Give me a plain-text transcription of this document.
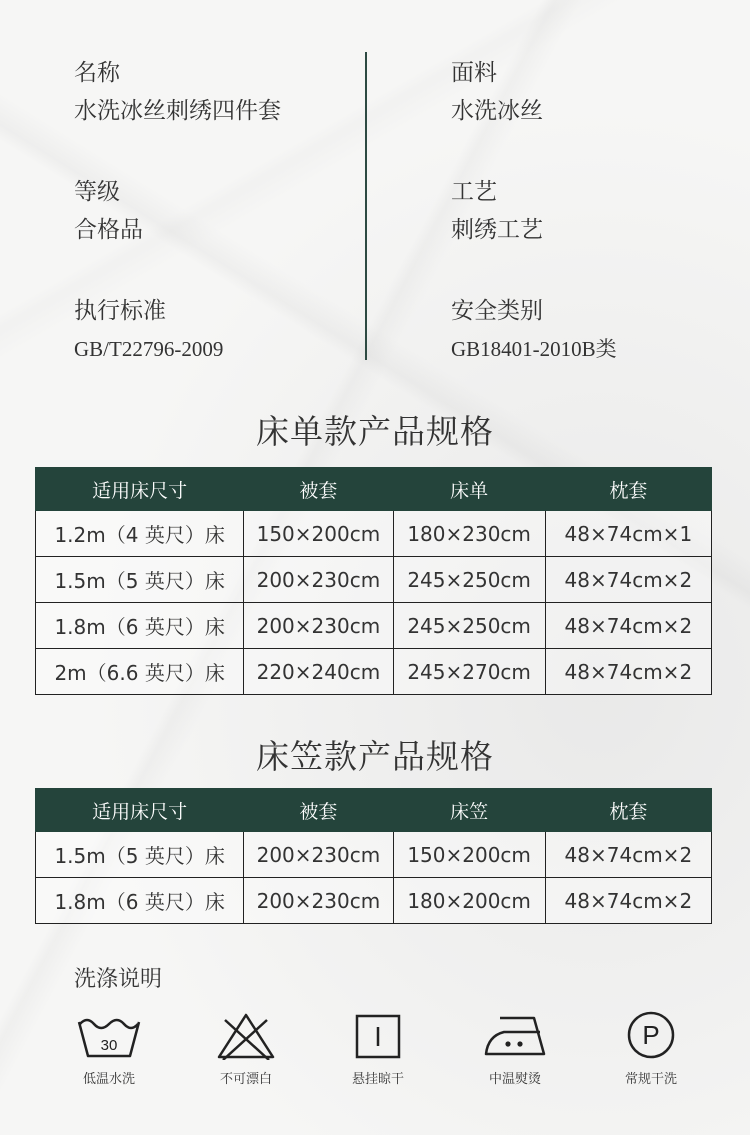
名称
水洗冰丝刺绣四件套
面料
水洗冰丝
等级
合格品
工艺
刺绣工艺
执行标准
GB/T22796-2009
安全类别
GB18401-2010B类
床单款产品规格
适用床尺寸	被套	床单	枕套
1.2m（4 英尺）床	150×200cm	180×230cm	48×74cm×1
1.5m（5 英尺）床	200×230cm	245×250cm	48×74cm×2
1.8m（6 英尺）床	200×230cm	245×250cm	48×74cm×2
2m（6.6 英尺）床	220×240cm	245×270cm	48×74cm×2
床笠款产品规格
适用床尺寸	被套	床笠	枕套
1.5m（5 英尺）床	200×230cm	150×200cm	48×74cm×2
1.8m（6 英尺）床	200×230cm	180×200cm	48×74cm×2
洗涤说明
30
低温水洗	不可漂白	悬挂晾干	中温熨烫
P
常规干洗
